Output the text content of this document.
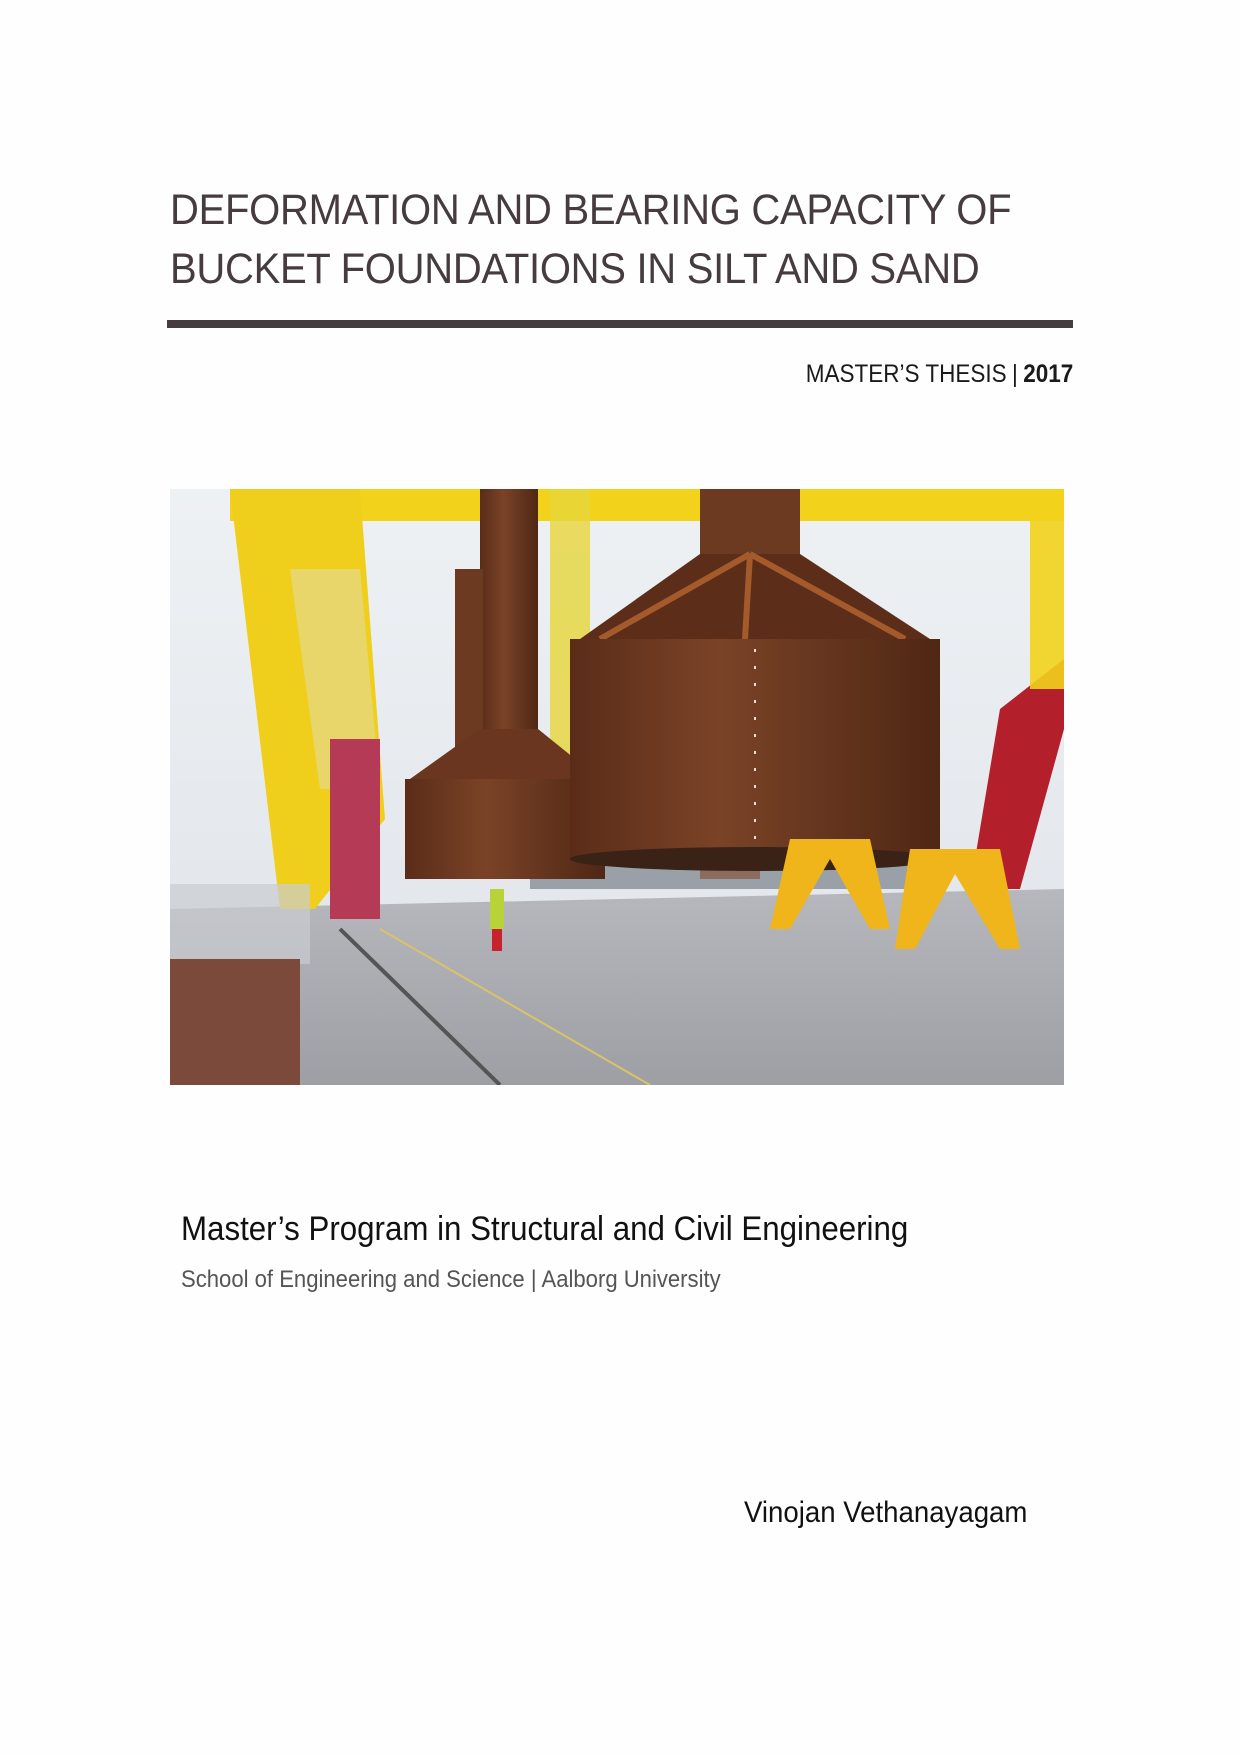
DEFORMATION AND BEARING CAPACITY OF
BUCKET FOUNDATIONS IN SILT AND SAND
MASTER’S THESIS | 2017
Master’s Program in Structural and Civil Engineering
School of Engineering and Science | Aalborg University
Vinojan Vethanayagam
